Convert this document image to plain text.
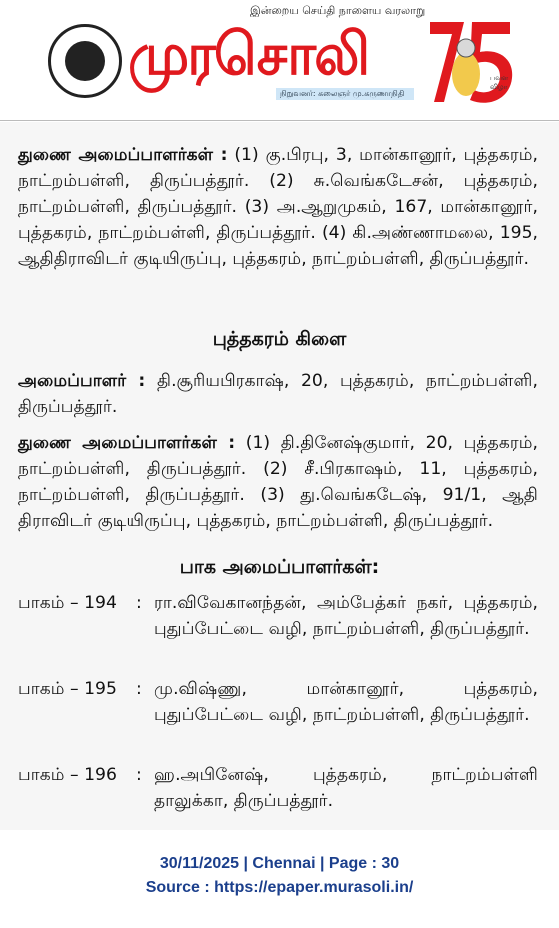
இன்றைய செய்தி நாளைய வரலாறு
முரசொலி
நிறுவனர்: கலைஞர் மு.கருணாநிதி
பவள
விழா
துணை அமைப்பாளர்கள் : (1) கு.பிரபு, 3, மான்கானூர், புத்தகரம், நாட்றம்பள்ளி, திருப்பத்தூர். (2) சு.வெங்கடேசன், புத்தகரம், நாட்றம்பள்ளி, திருப்பத்தூர். (3) அ.ஆறுமுகம், 167, மான்கானூர், புத்தகரம், நாட்றம்பள்ளி, திருப்பத்தூர். (4) கி.அண்ணாமலை, 195, ஆதிதிராவிடர் குடியிருப்பு, புத்தகரம், நாட்றம்பள்ளி, திருப்பத்தூர்.
புத்தகரம் கிளை
அமைப்பாளர் : தி.சூரியபிரகாஷ், 20, புத்தகரம், நாட்றம்பள்ளி, திருப்பத்தூர்.
துணை அமைப்பாளர்கள் : (1) தி.தினேஷ்குமார், 20, புத்தகரம், நாட்றம்பள்ளி, திருப்பத்தூர். (2) சீ.பிரகாஷம், 11, புத்தகரம், நாட்றம்பள்ளி, திருப்பத்தூர். (3) து.வெங்கடேஷ், 91/1, ஆதி திராவிடர் குடியிருப்பு, புத்தகரம், நாட்றம்பள்ளி, திருப்பத்தூர்.
பாக அமைப்பாளர்கள்:
பாகம் – 194	: ரா.விவேகானந்தன், அம்பேத்கர் நகர், புத்தகரம், புதுப்பேட்டை வழி, நாட்றம்பள்ளி, திருப்பத்தூர்.
பாகம் – 195	: மு.விஷ்ணு, மான்கானூர், புத்தகரம், புதுப்பேட்டை வழி, நாட்றம்பள்ளி, திருப்பத்தூர்.
பாகம் – 196	: ஹ.அபினேஷ், புத்தகரம், நாட்றம்பள்ளி தாலுக்கா, திருப்பத்தூர்.
30/11/2025 | Chennai | Page : 30
Source : https://epaper.murasoli.in/
